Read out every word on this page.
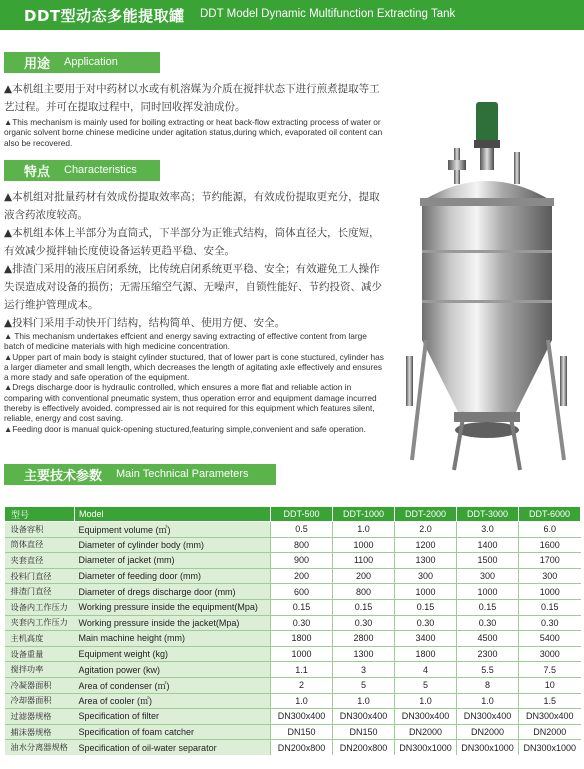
DDT型动态多能提取罐 DDT Model Dynamic Multifunction Extracting Tank
用途 Application
▲本机组主要用于对中药材以水或有机溶媒为介质在搅拌状态下进行煎煮提取等工艺过程。并可在提取过程中，同时回收挥发油成份。
▲This mechanism is mainly used for boiling extracting or heat back-flow extracting process of water or organic solvent borne chinese medicine under agitation status,during which, evaporated oil content can also be recovered.
特点 Characteristics
▲本机组对批量药材有效成份提取效率高；节约能源，有效成份提取更充分，提取液含药浓度较高。
▲本机组本体上半部分为直筒式，下半部分为正锥式结构，筒体直径大，长度短，有效减少搅拌轴长度使设备运转更趋平稳、安全。
▲排渣门采用的液压启闭系统，比传统启闭系统更平稳、安全；有效避免工人操作失误造成对设备的损伤；无需压缩空气源、无噪声，自锁性能好、节约投资、减少运行维护管理成本。
▲投料门采用手动快开门结构，结构简单、使用方便、安全。
▲ This mechanism undertakes effcient and energy saving extracting of effective content from large batch of medicine materials with high medicine concentration.
▲Upper part of main body is staight cylinder stuctured, that of lower part is cone stuctured, cylinder has a larger diameter and small length, which decreases the length of agitating axle effectively and ensures a more stady and safe operation of the equipment.
▲Dregs discharge door is hydraulic controlled, which ensures a more flat and reliable action in comparing with conventional pneumatic system, thus operation error and equipment damage incurred thereby is effectively avoided. compressed air is not required for this equipment which features silent, reliable, energy and cost saving.
▲Feeding door is manual quick-opening stuctured,featuring simple,convenient and safe operation.
主要技术参数 Main Technical Parameters
型号	Model	DDT-500	DDT-1000	DDT-2000	DDT-3000	DDT-6000
设备容积	Equipment volume (㎥)	0.5	1.0	2.0	3.0	6.0
筒体直径	Diameter of cylinder body (mm)	800	1000	1200	1400	1600
夹套直径	Diameter of jacket (mm)	900	1100	1300	1500	1700
投料门直径	Diameter of feeding door (mm)	200	200	300	300	300
排渣门直径	Diameter of dregs discharge door (mm)	600	800	1000	1000	1000
设备内工作压力	Working pressure inside the equipment(Mpa)	0.15	0.15	0.15	0.15	0.15
夹套内工作压力	Working pressure inside the jacket(Mpa)	0.30	0.30	0.30	0.30	0.30
主机高度	Main machine height (mm)	1800	2800	3400	4500	5400
设备重量	Equipment weight (kg)	1000	1300	1800	2300	3000
搅拌功率	Agitation power (kw)	1.1	3	4	5.5	7.5
冷凝器面积	Area of condenser (㎡)	2	5	5	8	10
冷却器面积	Area of cooler (㎡)	1.0	1.0	1.0	1.0	1.5
过滤器规格	Specification of filter	DN300x400	DN300x400	DN300x400	DN300x400	DN300x400
捕沫器规格	Specification of foam catcher	DN150	DN150	DN2000	DN2000	DN2000
油水分离器规格	Specification of oil-water separator	DN200x800	DN200x800	DN300x1000	DN300x1000	DN300x1000
